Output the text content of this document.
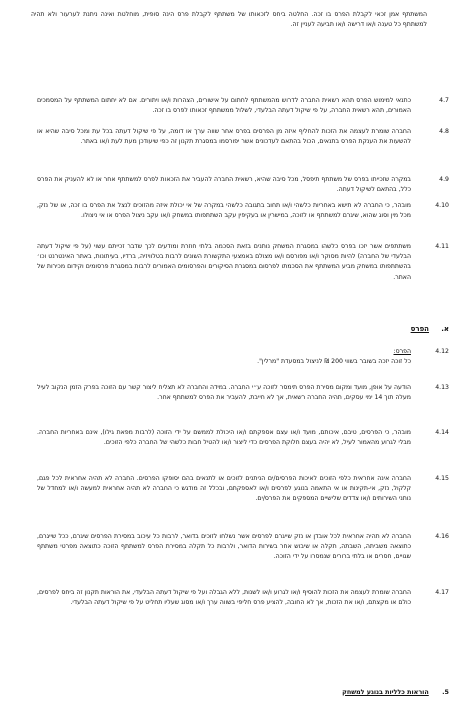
המשתתף אמן זכאי לקבלת הפרס בו זכה. החלטה ביחס לזכאותו של משתתף לקבלת פרס הינה סופית, מוחלטת ואינה ניתנת לערעור ולא תהיה למשתתף כל טענה ו/או דרישה ו/או תביעה לעניין זה.
4.7
כתנאי למימוש הפרס תהא רשאית החברה לדרוש מהמשתתף לחתום על אישורים, הצהרות ו/או ויתורים. אם לא יחתום המשתתף על המסמכים האמורים, תהא רשאית החברה, על פי שיקול דעתה הבלעדי, לשלול ממשתתף זכאותו לפרס בו זכה.
4.8
החברה שומרת לעצמה את הזכות להחליף איזה מן הפרסים בפרס אחר שווה ערך או דומה, על פי שיקול דעתה בכל עת ומכל סיבה שהיא או להשעות את הענקת הפרס בתנאים, הכול בהתאם לעדכונים אשר יפורסמו במסגרת תקנון זה כפי שיעודכן מעת לעת ו/או באתר.
4.9
במקרה שזכייתו בפרס של משתתף תיפסל, מכל סיבה שהיא, רשאית החברה להעביר את הזכאות לפרס למשתתף אחר או לא להעניק את הפרס כלל, בהתאם לשיקול דעתה.
4.10
מובהר, כי החברה לא תישא באחריות כלשהי ו/או תחוב בתגובה כלשהי במקרה של אי יכולת איזה מהזוכים לנצל את הפרס בו זכה, או של נזק, מכל מין וסוג שהוא, שיגרם למשתתף או לזוכה, במישרין או בעקיפין עקב השתתפותו במשחק ו/או עקב ניצול הפרס או אי ניצולו.
4.11
משתתפים אשר יזכו בפרס כלשהו במסגרת המשחק נותנים בזאת הסכמה בלתי חוזרת ומודעים לכך שדבר זכייתם עשוי (על פי שיקול דעתה הבלעדי של החברה) להיות מסוקר ו/או מפורסם ו/או מצולם באמצעי התקשורת השונים לרבות בטלוויזיה, ברדיו, בעיתונות, באתר האינטרנט וכו׳ בהשתתפותו במשחק מביע המשתתף את הסכמתו לפרסום במסגרת הסיקורים והפרסומים האמורים לרבות במסגרת פרסומים וקידום מכירות של האתר.
א.הפרס
4.12
הפרס:
כל זוכה יזכה בשובר בשווי 200 ₪ לניצול במסעדת "מרלין".
4.13
הודעה על אופן, מועד ומקום מסירת הפרס תימסר לזוכה ע״י החברה. במידה והחברה לא תצליח ליצור קשר עם הזוכה בפרק הזמן הנקוב לעיל מעלה תוך 14 ימי עסקים, תהיה החברה רשאית, אך לא חייבת, להעביר את הפרס למשתתף אחר.
4.14
מובהר, כי הפרסים, טיבם, איכותם, מועד ו/או עצם אספקתם ו/או היכולת לממשם על ידי הזוכה (לרבות מפאת גילו), אינם באחריות החברה. מבלי לגרוע מהאמור לעיל, לא יהיה בעצם חלוקת הפרסים כדי ליצור ו/או להטיל חבות כלשהי של החברה כלפי הזוכים.
4.15
החברה אינה אחראית כלפי הזוכים לאיכות הפרסים/ים הניתנים לזוכים או לתנאים בהם יסופקו הפרסים. החברה לא תהיה אחראית לכל פגם, קלקול, נזק, אי-תקינות או אי התאמה בנוגע לפרסים ו/או לאספקתם, ובכלל זה מודגש כי החברה לא תהיה אחראית למעשה ו/או למחדל של נותני השירותים ו/או צדדים שלישיים המספקים את הפרס/ים.
4.16
החברה לא תהיה אחראית לכל אובדן או נזק שייגרם לפרסים אשר נשלחו לזוכים בדואר, לרבות כל עיכוב במסירת הפרסים שיגרם, ככל שייגרם, כתוצאה משביתה, השבתה, תקלה או שיבוש אחר בשירות הדואר, ולרבות כל תקלה במסירת הפרס למשתתף הזוכה כתוצאה מפרטי משתתף שגויים, חסרים או בלתי ברורים שנמסרו על ידי הזוכה.
4.17
החברה שומרת לעצמה את הזכות להוסיף ו/או לגרוע ו/או לשנות, ללא הגבלה ועל פי שיקול דעתה הבלעדי, את הוראות תקנון זה ביחס לפרסים, כולם או מקצתם, ו/או את הזכות, אך לא החובה, להציע פרס חליפי בשווה ערך ו/או מסוג שעליו תחליט על פי שיקול דעתה הבלעדי.
.5 הוראות כלליות בנוגע למשחק
